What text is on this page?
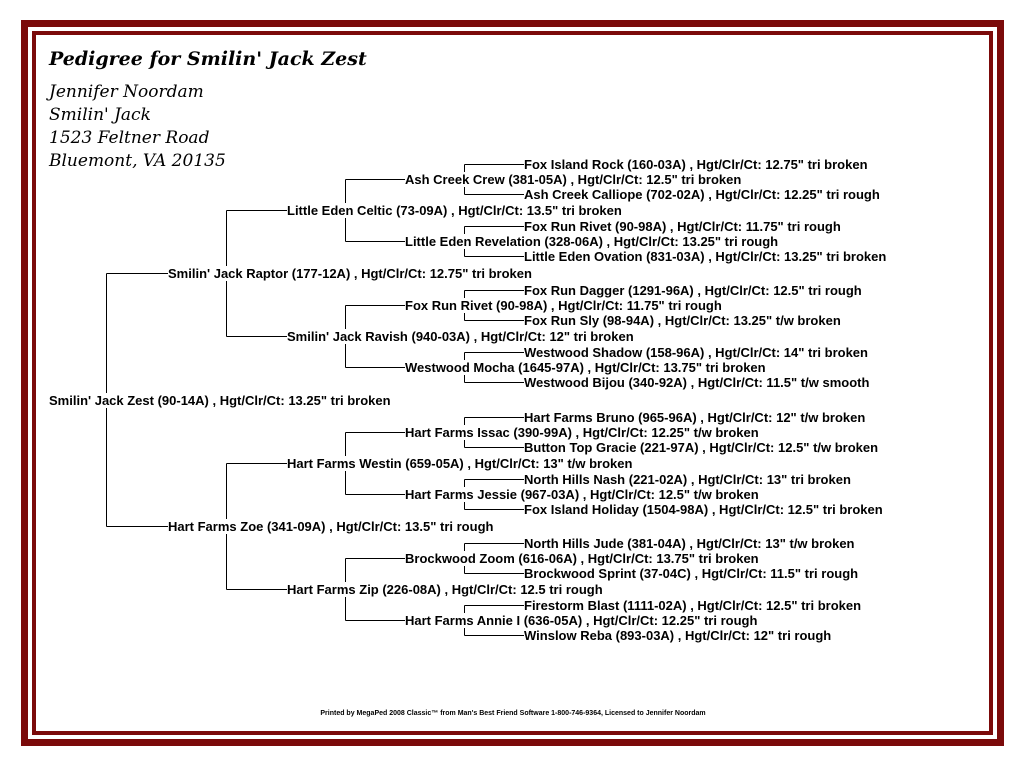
Pedigree for Smilin' Jack Zest
Jennifer Noordam
Smilin' Jack
1523 Feltner Road
Bluemont, VA 20135
Smilin' Jack Zest (90-14A) , Hgt/Clr/Ct: 13.25" tri broken
Smilin' Jack Raptor (177-12A) , Hgt/Clr/Ct: 12.75" tri broken
Hart Farms Zoe (341-09A) , Hgt/Clr/Ct: 13.5" tri rough
Little Eden Celtic (73-09A) , Hgt/Clr/Ct: 13.5" tri broken
Smilin' Jack Ravish (940-03A) , Hgt/Clr/Ct: 12" tri broken
Hart Farms Westin (659-05A) , Hgt/Clr/Ct: 13" t/w broken
Hart Farms Zip (226-08A) , Hgt/Clr/Ct: 12.5 tri rough
Ash Creek Crew (381-05A) , Hgt/Clr/Ct: 12.5" tri broken
Little Eden Revelation (328-06A) , Hgt/Clr/Ct: 13.25" tri rough
Fox Run Rivet (90-98A) , Hgt/Clr/Ct: 11.75" tri rough
Westwood Mocha (1645-97A) , Hgt/Clr/Ct: 13.75" tri broken
Hart Farms Issac (390-99A) , Hgt/Clr/Ct: 12.25" t/w broken
Hart Farms Jessie (967-03A) , Hgt/Clr/Ct: 12.5" t/w broken
Brockwood Zoom (616-06A) , Hgt/Clr/Ct: 13.75" tri broken
Hart Farms Annie I (636-05A) , Hgt/Clr/Ct: 12.25" tri rough
Fox Island Rock (160-03A) , Hgt/Clr/Ct: 12.75" tri broken
Ash Creek Calliope (702-02A) , Hgt/Clr/Ct: 12.25" tri rough
Fox Run Rivet (90-98A) , Hgt/Clr/Ct: 11.75" tri rough
Little Eden Ovation (831-03A) , Hgt/Clr/Ct: 13.25" tri broken
Fox Run Dagger (1291-96A) , Hgt/Clr/Ct: 12.5" tri rough
Fox Run Sly (98-94A) , Hgt/Clr/Ct: 13.25" t/w broken
Westwood Shadow (158-96A) , Hgt/Clr/Ct: 14" tri broken
Westwood Bijou (340-92A) , Hgt/Clr/Ct: 11.5" t/w smooth
Hart Farms Bruno (965-96A) , Hgt/Clr/Ct: 12" t/w broken
Button Top Gracie (221-97A) , Hgt/Clr/Ct: 12.5" t/w broken
North Hills Nash (221-02A) , Hgt/Clr/Ct: 13" tri broken
Fox Island Holiday (1504-98A) , Hgt/Clr/Ct: 12.5" tri broken
North Hills Jude (381-04A) , Hgt/Clr/Ct: 13" t/w broken
Brockwood Sprint (37-04C) , Hgt/Clr/Ct: 11.5" tri rough
Firestorm Blast (1111-02A) , Hgt/Clr/Ct: 12.5" tri broken
Winslow Reba (893-03A) , Hgt/Clr/Ct: 12" tri rough
Printed by MegaPed 2008 Classic™ from Man's Best Friend Software 1-800-746-9364, Licensed to Jennifer Noordam
